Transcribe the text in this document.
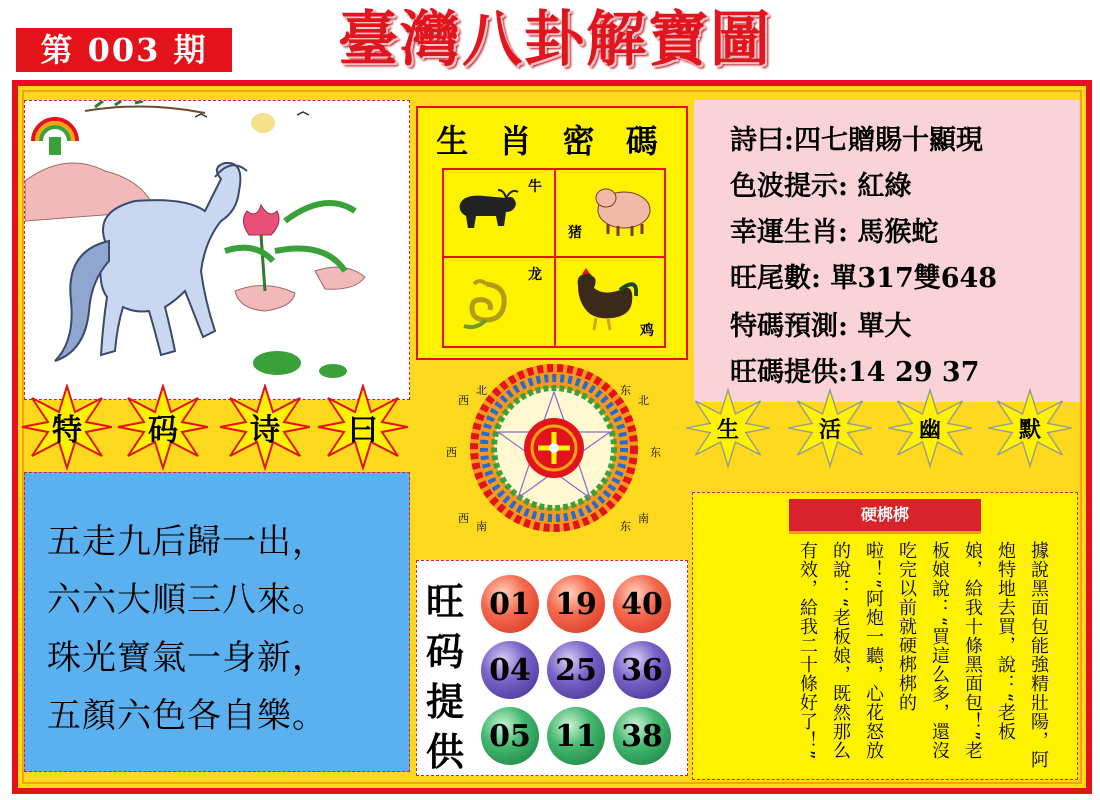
第 003 期	臺灣八卦解寶圖
特	码	诗	曰
五走九后歸一出，
六六大順三八來。
珠光寶氣一身新，
五顏六色各自樂。
生 肖 密 碼
牛
猪
龙
鸡
詩曰:四七贈賜十顯現
色波提示: 紅綠
幸運生肖: 馬猴蛇
旺尾數: 單317雙648
特碼預測: 單大
旺碼提供:14 29 37
生	活	幽	默
西
北	东
北
西	东
西
南	东
南
旺
码
提
供
01 19 40
04 25 36
05 11 38
硬梆梆
據說黑面包能強精壯陽，阿炮特地去買，說：“老板娘，給我十條黑面包！”老板娘說：“買這么多，還沒吃完以前就硬梆梆的啦！”阿炮一聽，心花怒放的說：“老板娘，既然那么有效，給我二十條好了！”
